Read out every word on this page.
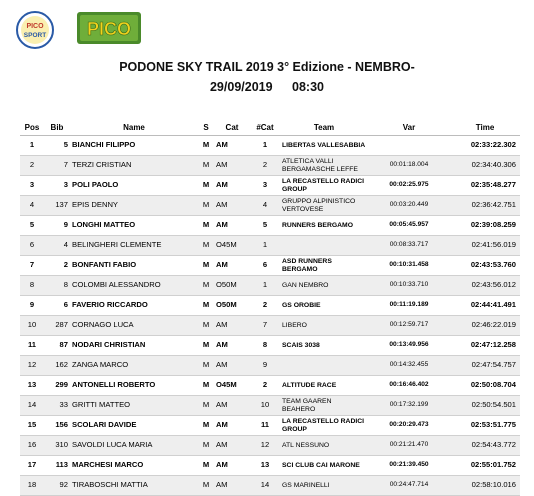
PICO
SPORT PICO
PODONE SKY TRAIL 2019 3° Edizione - NEMBRO-
29/09/2019 08:30
Pos	Bib	Name	S	Cat	#Cat	Team	Var	Time
1	5	BIANCHI FILIPPO	M	AM	1	LIBERTAS VALLESABBIA		02:33:22.302
2	7	TERZI CRISTIAN	M	AM	2	ATLETICA VALLI BERGAMASCHE LEFFE	00:01:18.004	02:34:40.306
3	3	POLI PAOLO	M	AM	3	LA RECASTELLO RADICI GROUP	00:02:25.975	02:35:48.277
4	137	EPIS DENNY	M	AM	4	GRUPPO ALPINISTICO VERTOVESE	00:03:20.449	02:36:42.751
5	9	LONGHI MATTEO	M	AM	5	RUNNERS BERGAMO	00:05:45.957	02:39:08.259
6	4	BELINGHERI CLEMENTE	M	O45M	1		00:08:33.717	02:41:56.019
7	2	BONFANTI FABIO	M	AM	6	ASD RUNNERS BERGAMO	00:10:31.458	02:43:53.760
8	8	COLOMBI ALESSANDRO	M	O50M	1	GAN NEMBRO	00:10:33.710	02:43:56.012
9	6	FAVERIO RICCARDO	M	O50M	2	GS OROBIE	00:11:19.189	02:44:41.491
10	287	CORNAGO LUCA	M	AM	7	LIBERO	00:12:59.717	02:46:22.019
11	87	NODARI CHRISTIAN	M	AM	8	SCAIS 3038	00:13:49.956	02:47:12.258
12	162	ZANGA MARCO	M	AM	9		00:14:32.455	02:47:54.757
13	299	ANTONELLI ROBERTO	M	O45M	2	ALTITUDE RACE	00:16:46.402	02:50:08.704
14	33	GRITTI MATTEO	M	AM	10	TEAM GAAREN BEAHERO	00:17:32.199	02:50:54.501
15	156	SCOLARI DAVIDE	M	AM	11	LA RECASTELLO RADICI GROUP	00:20:29.473	02:53:51.775
16	310	SAVOLDI LUCA MARIA	M	AM	12	ATL NESSUNO	00:21:21.470	02:54:43.772
17	113	MARCHESI MARCO	M	AM	13	SCI CLUB CAI MARONE	00:21:39.450	02:55:01.752
18	92	TIRABOSCHI MATTIA	M	AM	14	GS MARINELLI	00:24:47.714	02:58:10.016
